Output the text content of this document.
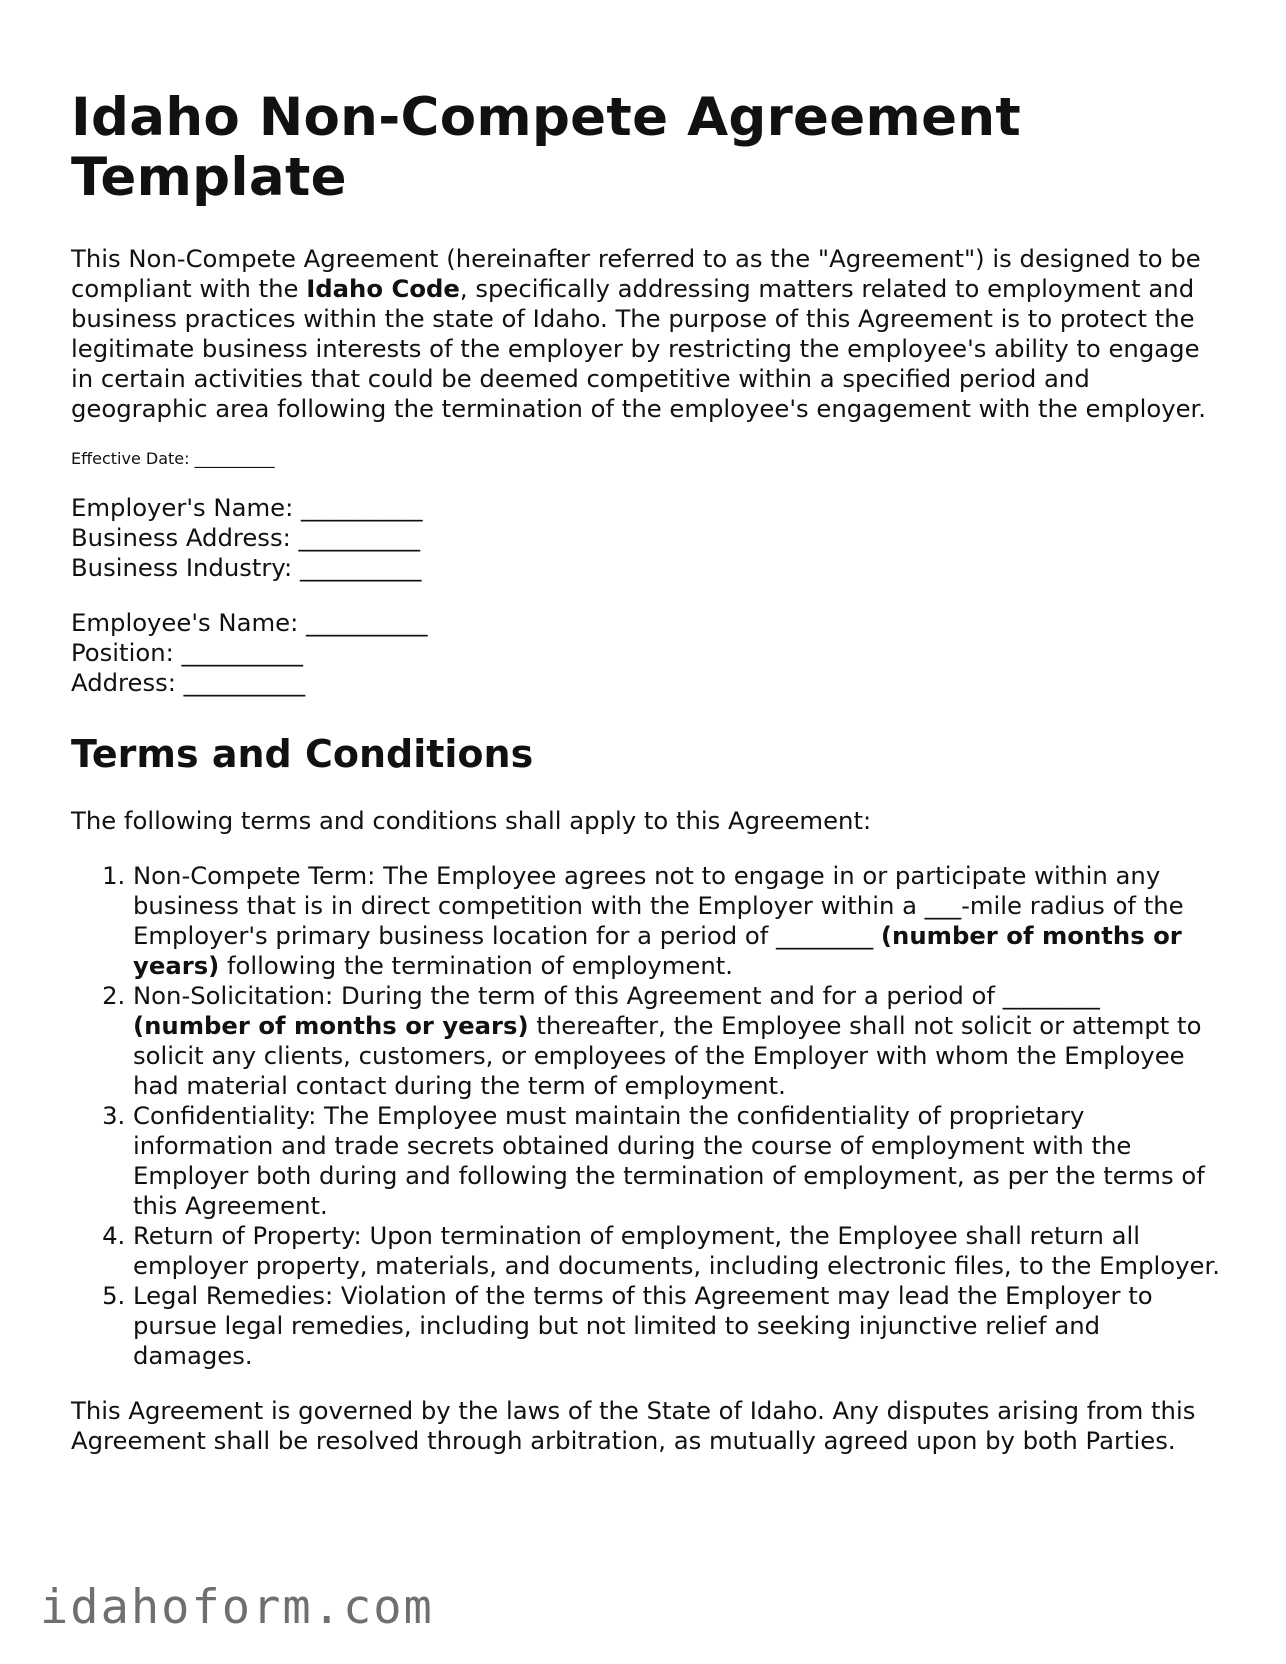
Idaho Non-Compete Agreement Template

This Non-Compete Agreement (hereinafter referred to as the "Agreement") is designed to be compliant with the Idaho Code, specifically addressing matters related to employment and business practices within the state of Idaho. The purpose of this Agreement is to protect the legitimate business interests of the employer by restricting the employee's ability to engage in certain activities that could be deemed competitive within a specified period and geographic area following the termination of the employee's engagement with the employer.

Effective Date: __________
Employer's Name: __________
Business Address: __________
Business Industry: __________
Employee's Name: __________
Position: __________
Address: __________
Terms and Conditions

The following terms and conditions shall apply to this Agreement:

1. Non-Compete Term: The Employee agrees not to engage in or participate within any business that is in direct competition with the Employer within a ___-mile radius of the Employer's primary business location for a period of ________ (number of months or years) following the termination of employment.
2. Non-Solicitation: During the term of this Agreement and for a period of ________ (number of months or years) thereafter, the Employee shall not solicit or attempt to solicit any clients, customers, or employees of the Employer with whom the Employee had material contact during the term of employment.
3. Confidentiality: The Employee must maintain the confidentiality of proprietary information and trade secrets obtained during the course of employment with the Employer both during and following the termination of employment, as per the terms of this Agreement.
4. Return of Property: Upon termination of employment, the Employee shall return all employer property, materials, and documents, including electronic files, to the Employer.
5. Legal Remedies: Violation of the terms of this Agreement may lead the Employer to pursue legal remedies, including but not limited to seeking injunctive relief and damages.

This Agreement is governed by the laws of the State of Idaho. Any disputes arising from this Agreement shall be resolved through arbitration, as mutually agreed upon by both Parties.

idahoform.com
